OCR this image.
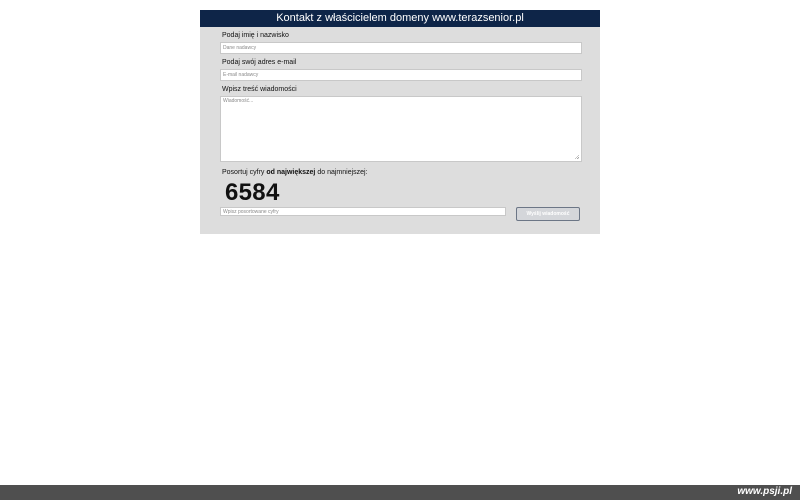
Kontakt z właścicielem domeny www.terazsenior.pl
Podaj imię i nazwisko
Dane nadawcy
Podaj swój adres e-mail
E-mail nadawcy
Wpisz treść wiadomości
Wiadomość...
Posortuj cyfry od największej do najmniejszej:
6584
Wpisz posortowane cyfry
Wyślij wiadomość
www.psji.pl
